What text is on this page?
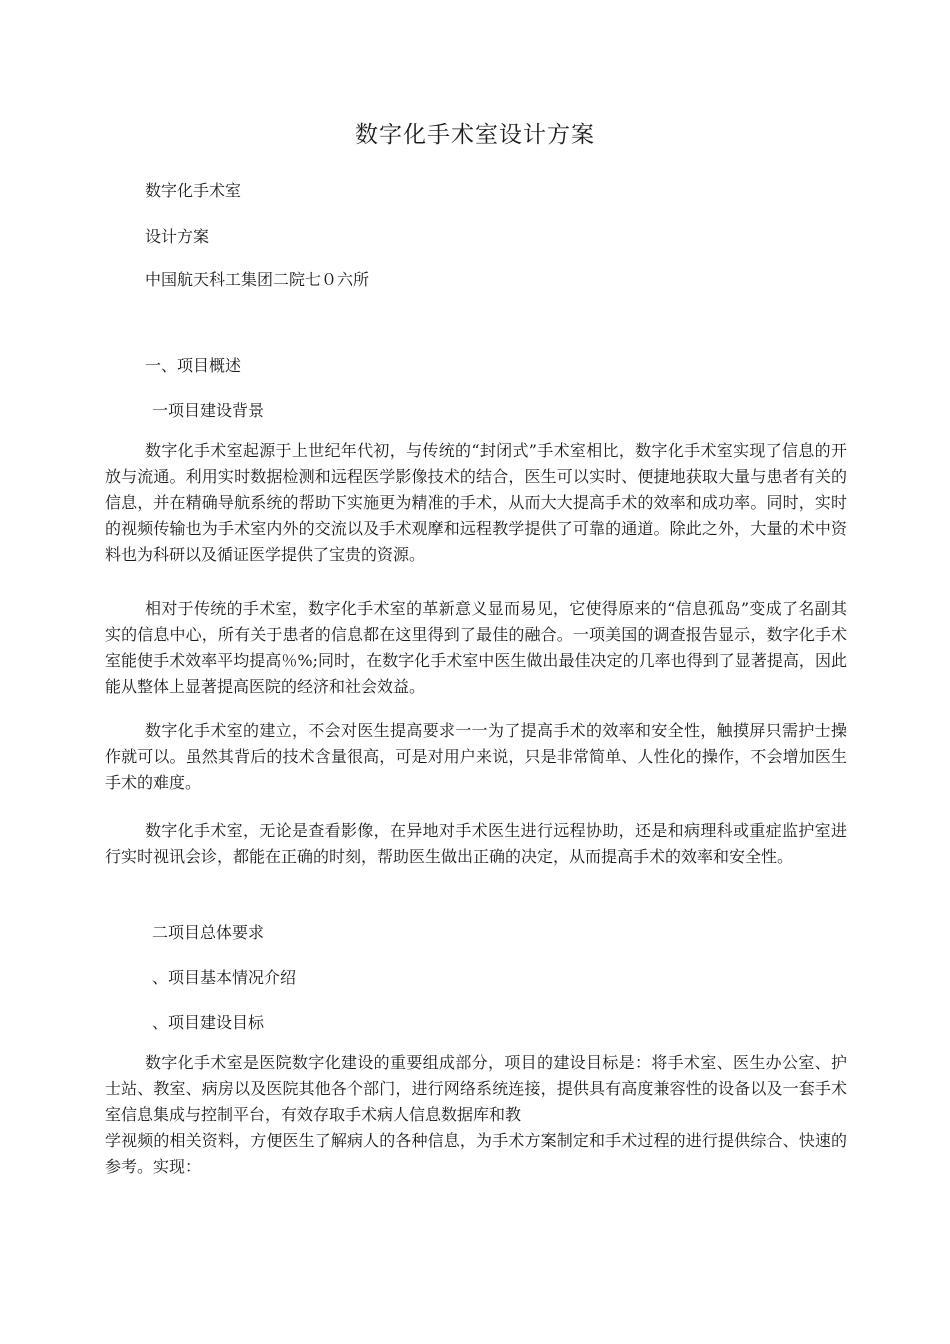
数字化手术室设计方案

数字化手术室

设计方案

中国航天科工集团二院七０六所

一、项目概述

一项目建设背景

数字化手术室起源于上世纪年代初，与传统的“封闭式”手术室相比，数字化手术室实现了信息的开放与流通。利用实时数据检测和远程医学影像技术的结合，医生可以实时、便捷地获取大量与患者有关的信息，并在精确导航系统的帮助下实施更为精准的手术，从而大大提高手术的效率和成功率。同时，实时的视频传输也为手术室内外的交流以及手术观摩和远程教学提供了可靠的通道。除此之外，大量的术中资料也为科研以及循证医学提供了宝贵的资源。

相对于传统的手术室，数字化手术室的革新意义显而易见，它使得原来的“信息孤岛”变成了名副其实的信息中心，所有关于患者的信息都在这里得到了最佳的融合。一项美国的调查报告显示，数字化手术室能使手术效率平均提高％%;同时，在数字化手术室中医生做出最佳决定的几率也得到了显著提高，因此能从整体上显著提高医院的经济和社会效益。

数字化手术室的建立，不会对医生提高要求一一为了提高手术的效率和安全性，触摸屏只需护士操作就可以。虽然其背后的技术含量很高，可是对用户来说，只是非常简单、人性化的操作，不会增加医生手术的难度。

数字化手术室，无论是查看影像，在异地对手术医生进行远程协助，还是和病理科或重症监护室进行实时视讯会诊，都能在正确的时刻，帮助医生做出正确的决定，从而提高手术的效率和安全性。

二项目总体要求

、项目基本情况介绍

、项目建设目标

数字化手术室是医院数字化建设的重要组成部分，项目的建设目标是：将手术室、医生办公室、护士站、教室、病房以及医院其他各个部门，进行网络系统连接，提供具有高度兼容性的设备以及一套手术室信息集成与控制平台，有效存取手术病人信息数据库和教

学视频的相关资料，方便医生了解病人的各种信息，为手术方案制定和手术过程的进行提供综合、快速的参考。实现：
